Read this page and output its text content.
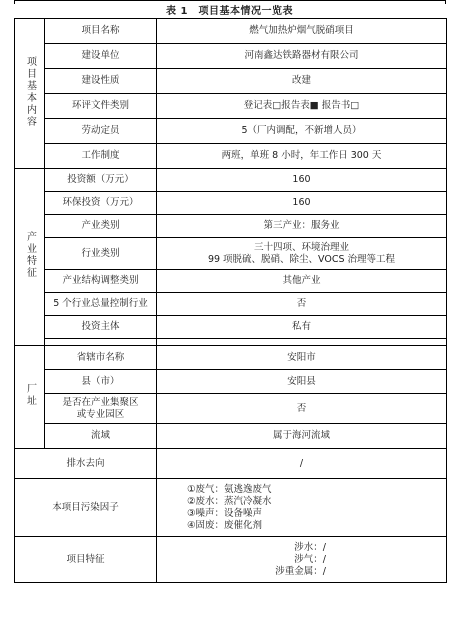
表 1　项目基本情况一览表
项目基本内容	项目名称	燃气加热炉烟气脱硝项目
	建设单位	河南鑫达铁路器材有限公司
	建设性质	改建
	环评文件类别	登记表□报告表■ 报告书□
	劳动定员	5（厂内调配，不新增人员）
	工作制度	两班，单班 8 小时，年工作日 300 天
产业特征	投资额（万元）	160
	环保投资（万元）	160
	产业类别	第三产业：服务业
	行业类别	三十四项、环境治理业
99 项脱硫、脱硝、除尘、VOCS 治理等工程

	产业结构调整类别	其他产业
	5 个行业总量控制行业	否
	投资主体	私有

厂址	省辖市名称	安阳市
	县（市）	安阳县

	是否在产业集聚区
或专业园区	否
	流域	属于海河流域
排水去向		/
本项目污染因子		①废气：氨逃逸废气
②废水：蒸汽冷凝水
③噪声：设备噪声
④固废：废催化剂

项目特征		涉水：/
涉气：/
涉重金属：/
